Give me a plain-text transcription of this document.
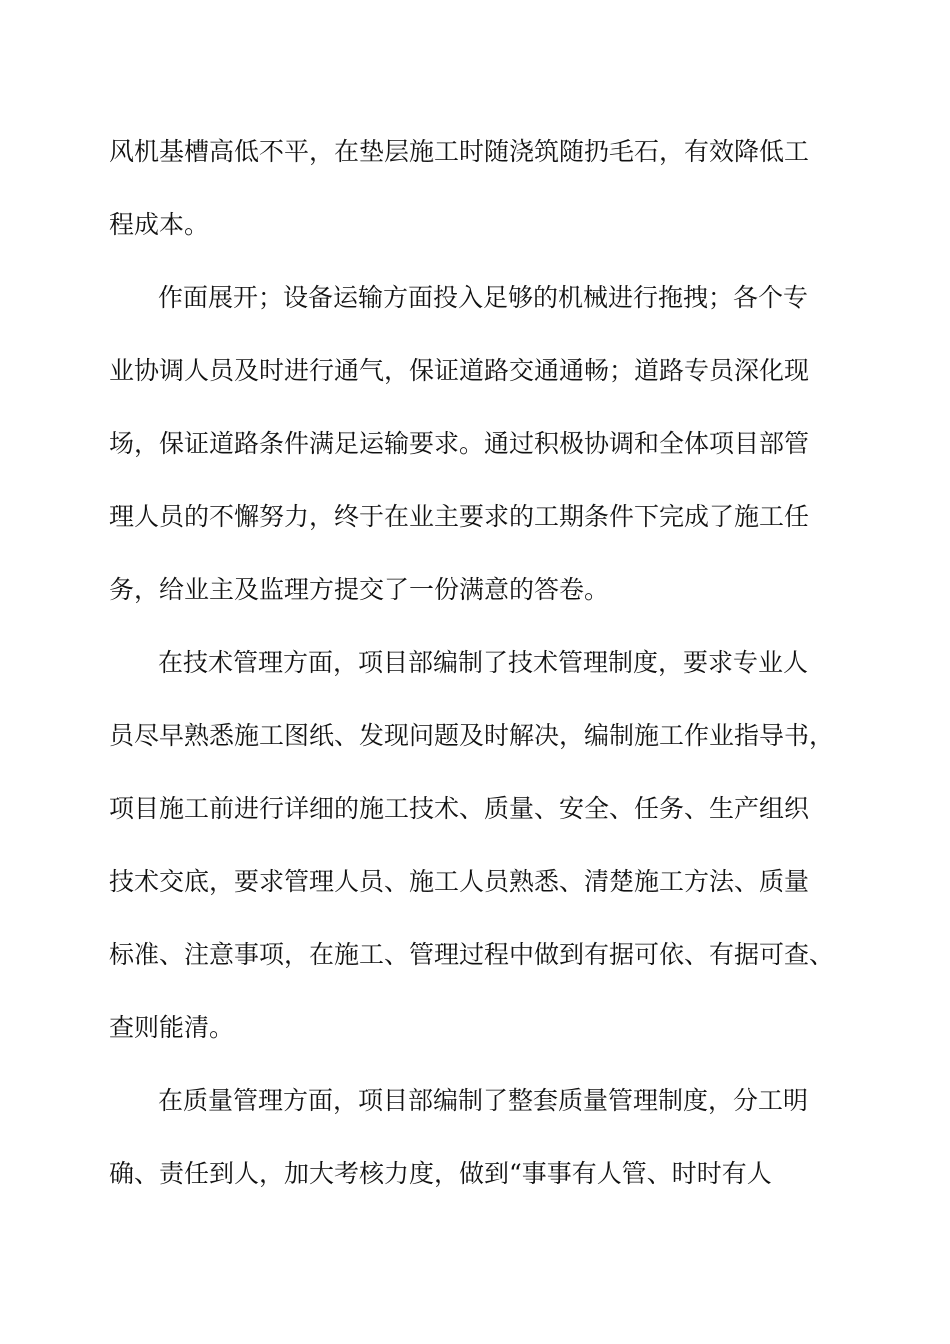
风机基槽高低不平，在垫层施工时随浇筑随扔毛石，有效降低工
程成本。
作面展开；设备运输方面投入足够的机械进行拖拽；各个专
业协调人员及时进行通气，保证道路交通通畅；道路专员深化现
场，保证道路条件满足运输要求。通过积极协调和全体项目部管
理人员的不懈努力，终于在业主要求的工期条件下完成了施工任
务，给业主及监理方提交了一份满意的答卷。
在技术管理方面，项目部编制了技术管理制度，要求专业人
员尽早熟悉施工图纸、发现问题及时解决，编制施工作业指导书，
项目施工前进行详细的施工技术、质量、安全、任务、生产组织
技术交底，要求管理人员、施工人员熟悉、清楚施工方法、质量
标准、注意事项，在施工、管理过程中做到有据可依、有据可查、
查则能清。
在质量管理方面，项目部编制了整套质量管理制度，分工明
确、责任到人，加大考核力度，做到“事事有人管、时时有人
